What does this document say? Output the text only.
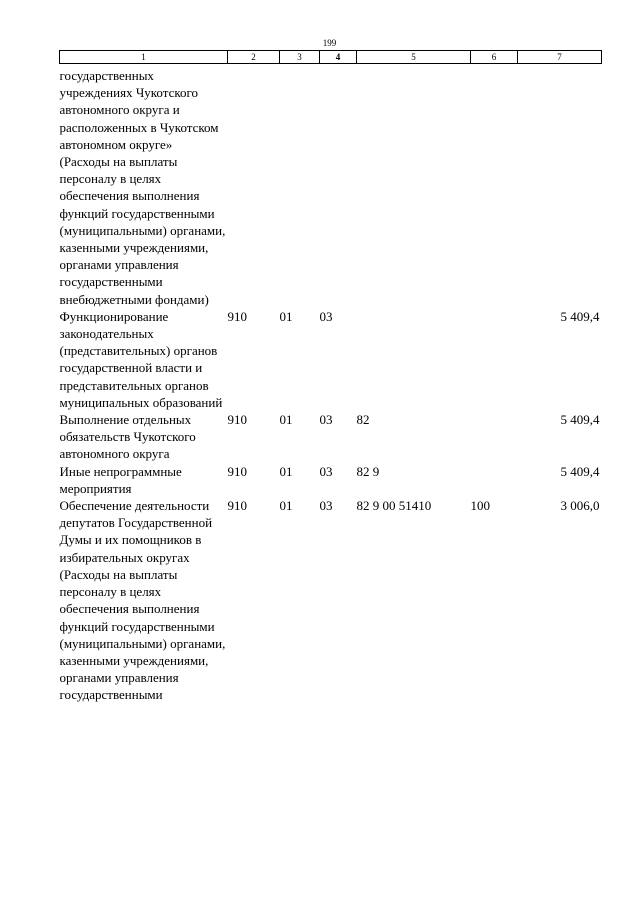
199
1	2	3	4	5	6	7
государственных учреждениях Чукотского автономного округа и расположенных в Чукотском автономном округе» (Расходы на выплаты персоналу в целях обеспечения выполнения функций государственными (муниципальными) органами, казенными учреждениями, органами управления государственными внебюджетными фондами)						
Функционирование законодательных (представительных) органов государственной власти и представительных органов муниципальных образований	910	01	03			5 409,4
Выполнение отдельных обязательств Чукотского автономного округа	910	01	03	82		5 409,4
Иные непрограммные мероприятия	910	01	03	82 9		5 409,4
Обеспечение деятельности депутатов Государственной Думы и их помощников в избирательных округах (Расходы на выплаты персоналу в целях обеспечения выполнения функций государственными (муниципальными) органами, казенными учреждениями, органами управления государственными	910	01	03	82 9 00 51410	100	3 006,0
